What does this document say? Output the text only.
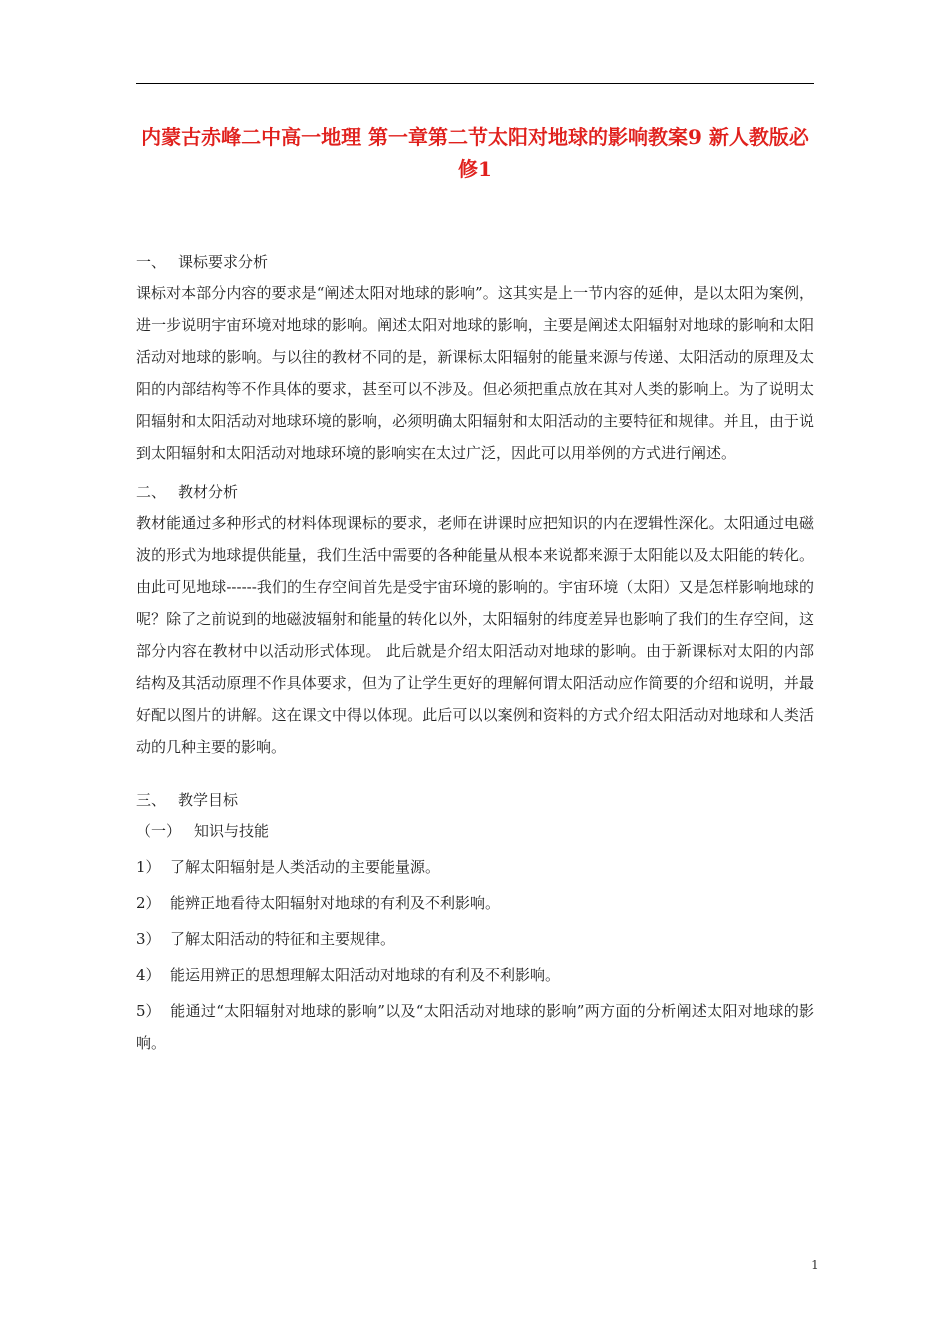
内蒙古赤峰二中高一地理 第一章第二节太阳对地球的影响教案9 新人教版必修1
一、 课标要求分析

课标对本部分内容的要求是“阐述太阳对地球的影响”。这其实是上一节内容的延伸，是以太阳为案例，进一步说明宇宙环境对地球的影响。阐述太阳对地球的影响，主要是阐述太阳辐射对地球的影响和太阳活动对地球的影响。与以往的教材不同的是，新课标太阳辐射的能量来源与传递、太阳活动的原理及太阳的内部结构等不作具体的要求，甚至可以不涉及。但必须把重点放在其对人类的影响上。为了说明太阳辐射和太阳活动对地球环境的影响，必须明确太阳辐射和太阳活动的主要特征和规律。并且，由于说到太阳辐射和太阳活动对地球环境的影响实在太过广泛，因此可以用举例的方式进行阐述。

二、 教材分析

教材能通过多种形式的材料体现课标的要求，老师在讲课时应把知识的内在逻辑性深化。太阳通过电磁波的形式为地球提供能量，我们生活中需要的各种能量从根本来说都来源于太阳能以及太阳能的转化。由此可见地球------我们的生存空间首先是受宇宙环境的影响的。宇宙环境（太阳）又是怎样影响地球的呢？除了之前说到的地磁波辐射和能量的转化以外，太阳辐射的纬度差异也影响了我们的生存空间，这部分内容在教材中以活动形式体现。 此后就是介绍太阳活动对地球的影响。由于新课标对太阳的内部结构及其活动原理不作具体要求，但为了让学生更好的理解何谓太阳活动应作简要的介绍和说明，并最好配以图片的讲解。这在课文中得以体现。此后可以以案例和资料的方式介绍太阳活动对地球和人类活动的几种主要的影响。

三、 教学目标
（一） 知识与技能

1） 了解太阳辐射是人类活动的主要能量源。

2） 能辨正地看待太阳辐射对地球的有利及不利影响。

3） 了解太阳活动的特征和主要规律。

4） 能运用辨正的思想理解太阳活动对地球的有利及不利影响。

5） 能通过“太阳辐射对地球的影响”以及“太阳活动对地球的影响”两方面的分析阐述太阳对地球的影响。

1
